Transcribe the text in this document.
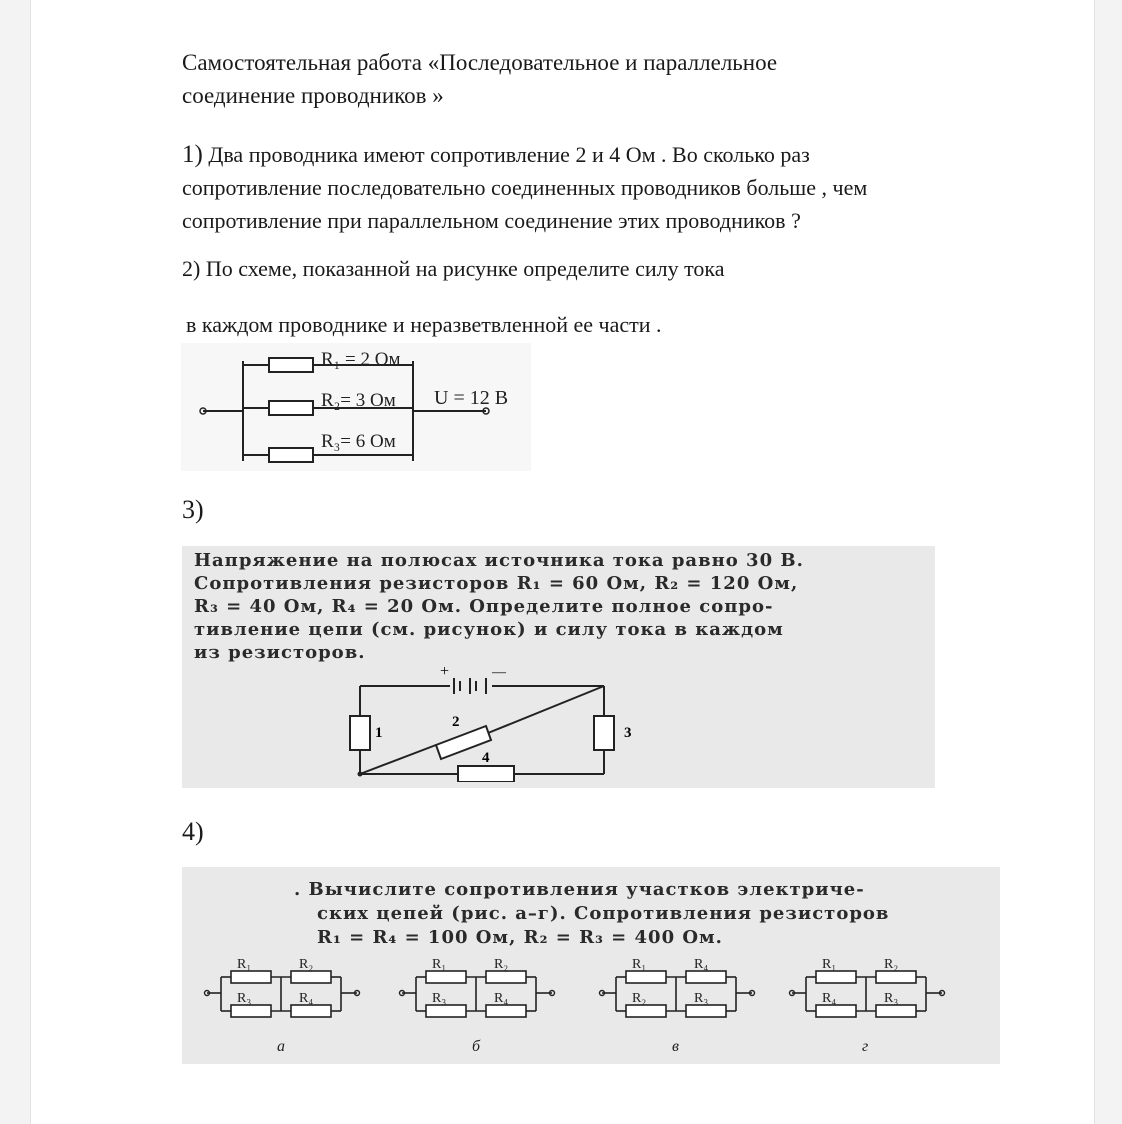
Самостоятельная работа «Последовательное и параллельное
соединение проводников »
1) Два проводника имеют сопротивление 2 и 4 Ом . Во сколько раз
сопротивление последовательно соединенных проводников больше , чем
сопротивление при параллельном соединение этих проводников ?
2) По схеме, показанной на рисунке определите силу тока
в каждом проводнике и неразветвленной ее части .
R₁ = 2 Ом
R₂= 3 Ом
R₃= 6 Ом
U = 12 В
3)
Напряжение на полюсах источника тока равно 30 В.
Сопротивления резисторов R₁ = 60 Ом, R₂ = 120 Ом,
R₃ = 40 Ом, R₄ = 20 Ом. Определите полное сопро-
тивление цепи (см. рисунок) и силу тока в каждом
из резисторов.
+	—
1
2
3
4
4)
. Вычислите сопротивления участков электриче-
ских цепей (рис. а–г). Сопротивления резисторов
R₁ = R₄ = 100 Ом, R₂ = R₃ = 400 Ом.
R₁	R₂
R₃	R₄
а
R₁	R₂
R₃	R₄
б
R₁	R₄
R₂	R₃
в
R₁	R₂
R₄	R₃
г
